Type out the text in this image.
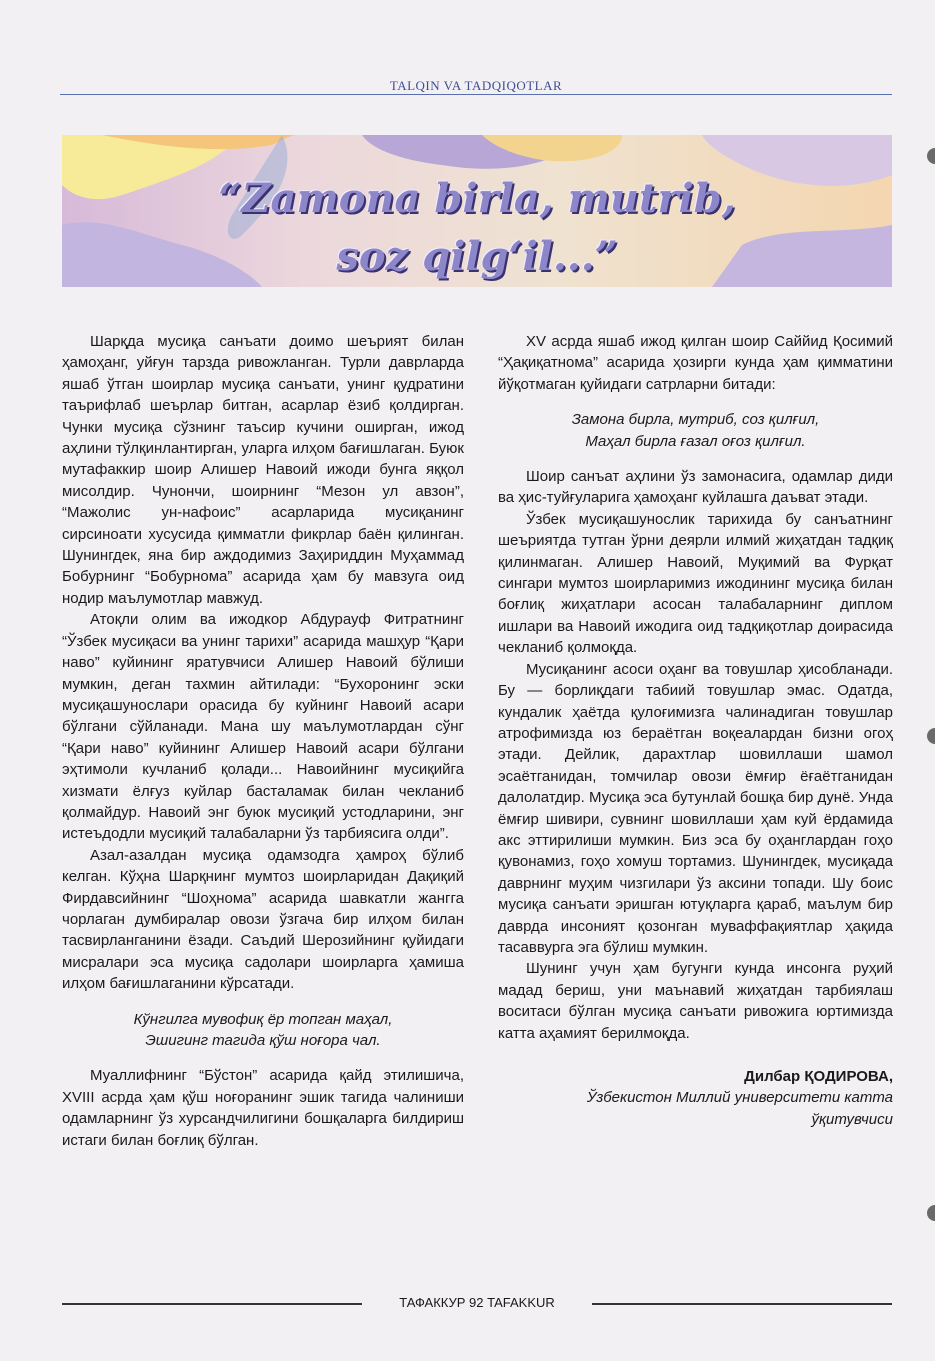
TALQIN VA TADQIQOTLAR
“Zamona birla, mutrib,
soz qilg‘il...”

Шарқда мусиқа санъати доимо шеърият билан ҳамоҳанг, уйғун тарзда ривожланган. Турли даврларда яшаб ўтган шоирлар мусиқа санъати, унинг қудратини таърифлаб шеърлар битган, асарлар ёзиб қолдирган. Чунки мусиқа сўзнинг таъсир кучини оширган, ижод аҳлини тўлқинлантирган, уларга илҳом бағишлаган. Буюк мутафаккир шоир Алишер Навоий ижоди бунга яққол мисолдир. Чунончи, шоирнинг “Мезон ул авзон”, “Мажолис ун-нафоис” асарларида мусиқанинг сирсиноати хусусида қимматли фикрлар баён қилинган. Шунингдек, яна бир аждодимиз Заҳириддин Муҳаммад Бобурнинг “Бобурнома” асарида ҳам бу мавзуга оид нодир маълумотлар мавжуд.

Атоқли олим ва ижодкор Абдурауф Фитратнинг “Ўзбек мусиқаси ва унинг тарихи” асарида машҳур “Қари наво” куйининг яратувчиси Алишер Навоий бўлиши мумкин, деган тахмин айтилади: “Бухоронинг эски мусиқашунослари орасида бу куйнинг Навоий асари бўлгани сўйланади. Мана шу маълумотлардан сўнг “Қари наво” куйининг Алишер Навоий асари бўлгани эҳтимоли кучланиб қолади... Навоийнинг мусиқийга хизмати ёлғуз куйлар басталамак билан чекланиб қолмайдур. Навоий энг буюк мусиқий устодларини, энг истеъдодли мусиқий талабаларни ўз тарбиясига олди”.

Азал-азалдан мусиқа одамзодга ҳамроҳ бўлиб келган. Кўҳна Шарқнинг мумтоз шоирларидан Дақиқий Фирдавсийнинг “Шоҳнома” асарида шавкатли жангга чорлаган думбиралар овози ўзгача бир илҳом билан тасвирланганини ёзади. Саъдий Шерозийнинг қуйидаги мисралари эса мусиқа садолари шоирларга ҳамиша илҳом бағишлаганини кўрсатади.

Кўнгилга мувофиқ ёр топган маҳал,
Эшигинг тагида қўш ноғора чал.

Муаллифнинг “Бўстон” асарида қайд этилишича, XVIII асрда ҳам қўш ноғоранинг эшик тагида чалиниши одамларнинг ўз хурсандчилигини бошқаларга билдириш истаги билан боғлиқ бўлган.

XV асрда яшаб ижод қилган шоир Саййид Қосимий “Ҳақиқатнома” асарида ҳозирги кунда ҳам қимматини йўқотмаган қуйидаги сатрларни битади:

Замона бирла, мутриб, соз қилғил,
Маҳал бирла ғазал оғоз қилғил.

Шоир санъат аҳлини ўз замонасига, одамлар диди ва ҳис-туйғуларига ҳамоҳанг куйлашга даъват этади.

Ўзбек мусиқашунослик тарихида бу санъатнинг шеъриятда тутган ўрни деярли илмий жиҳатдан тадқиқ қилинмаган. Алишер Навоий, Муқимий ва Фурқат сингари мумтоз шоирларимиз ижодининг мусиқа билан боғлиқ жиҳатлари асосан талабаларнинг диплом ишлари ва Навоий ижодига оид тадқиқотлар доирасида чекланиб қолмоқда.

Мусиқанинг асоси оҳанг ва товушлар ҳисобланади. Бу — борлиқдаги табиий товушлар эмас. Одатда, кундалик ҳаётда қулоғимизга чалинадиган товушлар атрофимизда юз бераётган воқеалардан бизни огоҳ этади. Дейлик, дарахтлар шовиллаши шамол эсаётганидан, томчилар овози ёмғир ёғаётганидан далолатдир. Мусиқа эса бутунлай бошқа бир дунё. Унда ёмғир шивири, сувнинг шовиллаши ҳам куй ёрдамида акс эттирилиши мумкин. Биз эса бу оҳанглардан гоҳо қувонамиз, гоҳо хомуш тортамиз. Шунингдек, мусиқада даврнинг муҳим чизгилари ўз аксини топади. Шу боис мусиқа санъати эришган ютуқларга қараб, маълум бир даврда инсоният қозонган муваффақиятлар ҳақида тасаввурга эга бўлиш мумкин.

Шунинг учун ҳам бугунги кунда инсонга руҳий мадад бериш, уни маънавий жиҳатдан тарбиялаш воситаси бўлган мусиқа санъати ривожига юртимизда катта аҳамият берилмоқда.

Дилбар ҚОДИРОВА,
Ўзбекистон Миллий университети катта
ўқитувчиси
ТАФАККУР 92 TAFAKKUR
